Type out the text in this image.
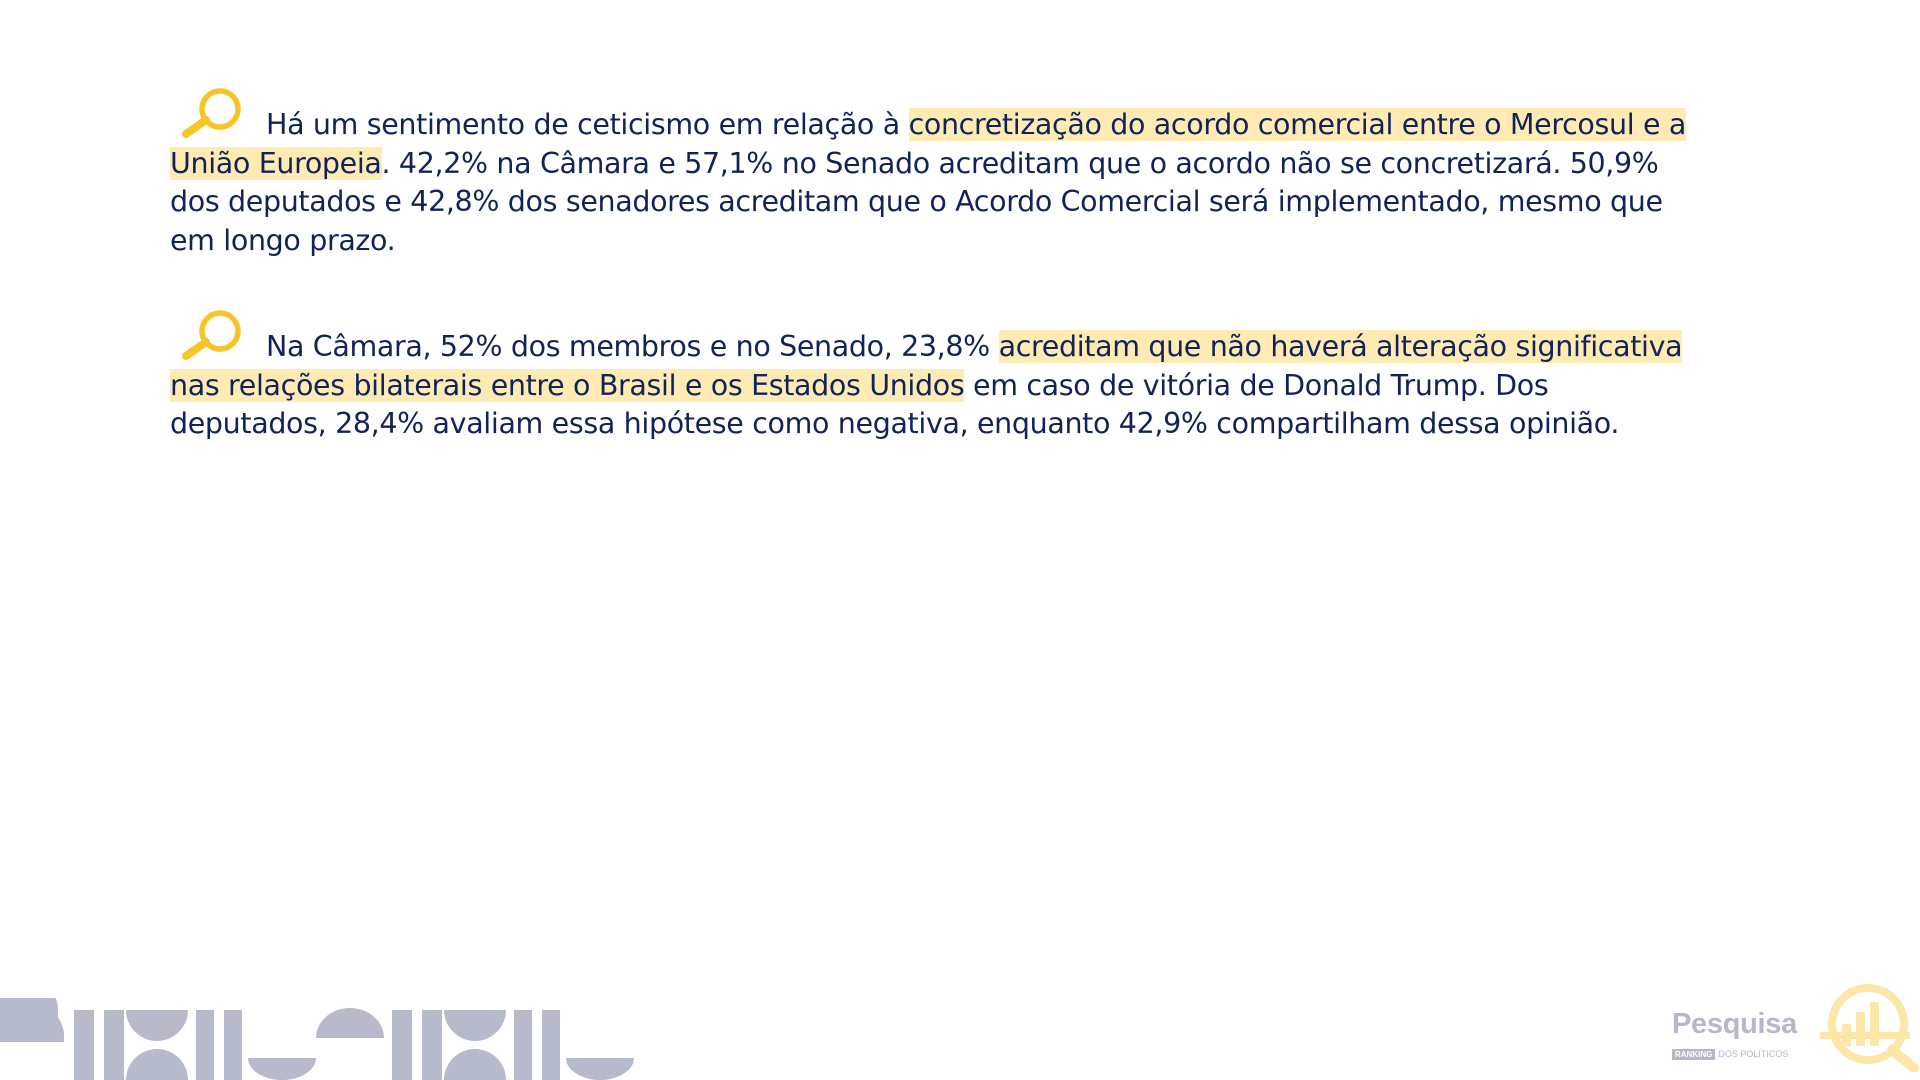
Há um sentimento de ceticismo em relação à concretização do acordo comercial entre o Mercosul e a União Europeia. 42,2% na Câmara e 57,1% no Senado acreditam que o acordo não se concretizará. 50,9% dos deputados e 42,8% dos senadores acreditam que o Acordo Comercial será implementado, mesmo que em longo prazo.
Na Câmara, 52% dos membros e no Senado, 23,8% acreditam que não haverá alteração significativa nas relações bilaterais entre o Brasil e os Estados Unidos em caso de vitória de Donald Trump. Dos deputados, 28,4% avaliam essa hipótese como negativa, enquanto 42,9% compartilham dessa opinião.
Pesquisa
RANKING DOS POLÍTICOS
